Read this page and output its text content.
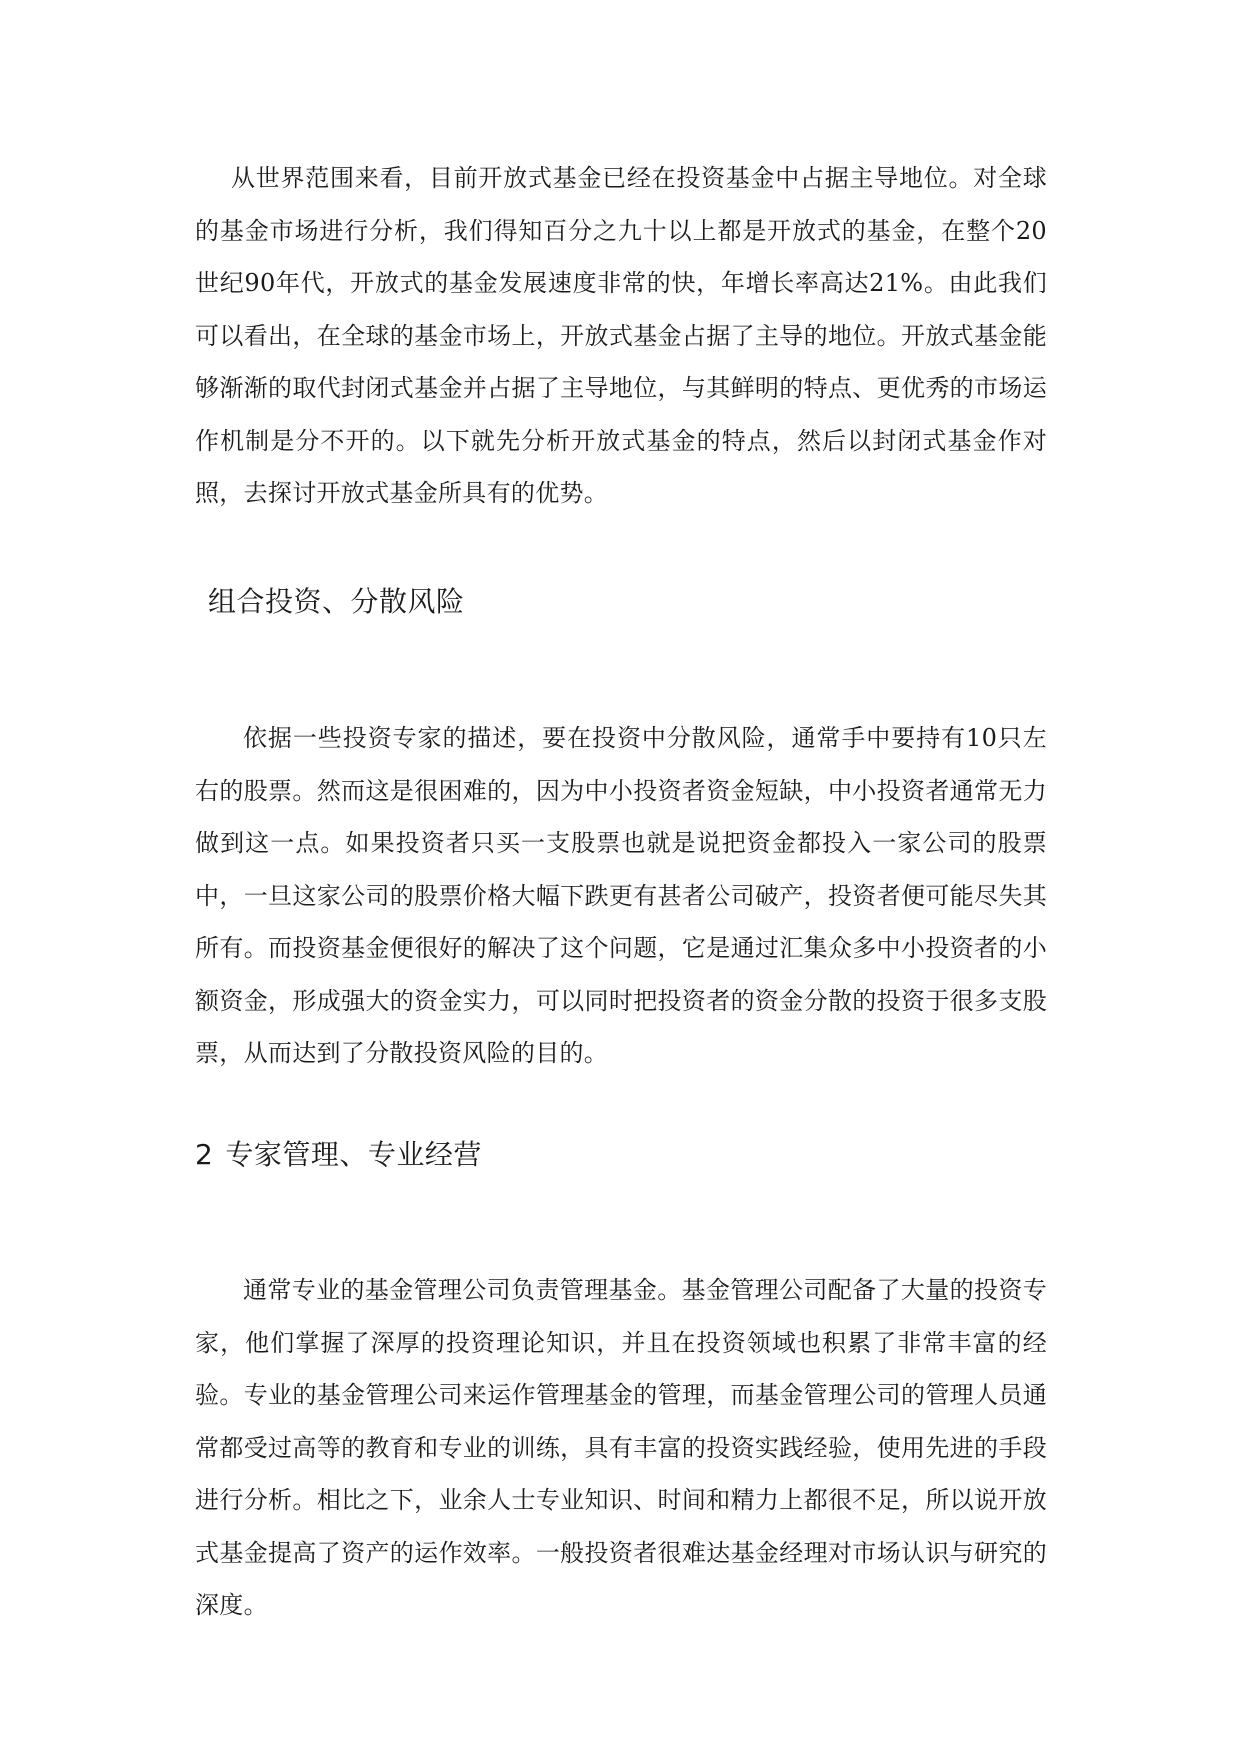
从世界范围来看，目前开放式基金已经在投资基金中占据主导地位。对全球的基金市场进行分析，我们得知百分之九十以上都是开放式的基金，在整个20世纪90年代，开放式的基金发展速度非常的快，年增长率高达21%。由此我们可以看出，在全球的基金市场上，开放式基金占据了主导的地位。开放式基金能够渐渐的取代封闭式基金并占据了主导地位，与其鲜明的特点、更优秀的市场运作机制是分不开的。以下就先分析开放式基金的特点，然后以封闭式基金作对照，去探讨开放式基金所具有的优势。

组合投资、分散风险

依据一些投资专家的描述，要在投资中分散风险，通常手中要持有10只左右的股票。然而这是很困难的，因为中小投资者资金短缺，中小投资者通常无力做到这一点。如果投资者只买一支股票也就是说把资金都投入一家公司的股票中，一旦这家公司的股票价格大幅下跌更有甚者公司破产，投资者便可能尽失其所有。而投资基金便很好的解决了这个问题，它是通过汇集众多中小投资者的小额资金，形成强大的资金实力，可以同时把投资者的资金分散的投资于很多支股票，从而达到了分散投资风险的目的。

2 专家管理、专业经营

通常专业的基金管理公司负责管理基金。基金管理公司配备了大量的投资专家，他们掌握了深厚的投资理论知识，并且在投资领域也积累了非常丰富的经验。专业的基金管理公司来运作管理基金的管理，而基金管理公司的管理人员通常都受过高等的教育和专业的训练，具有丰富的投资实践经验，使用先进的手段进行分析。相比之下，业余人士专业知识、时间和精力上都很不足，所以说开放式基金提高了资产的运作效率。一般投资者很难达基金经理对市场认识与研究的深度。
